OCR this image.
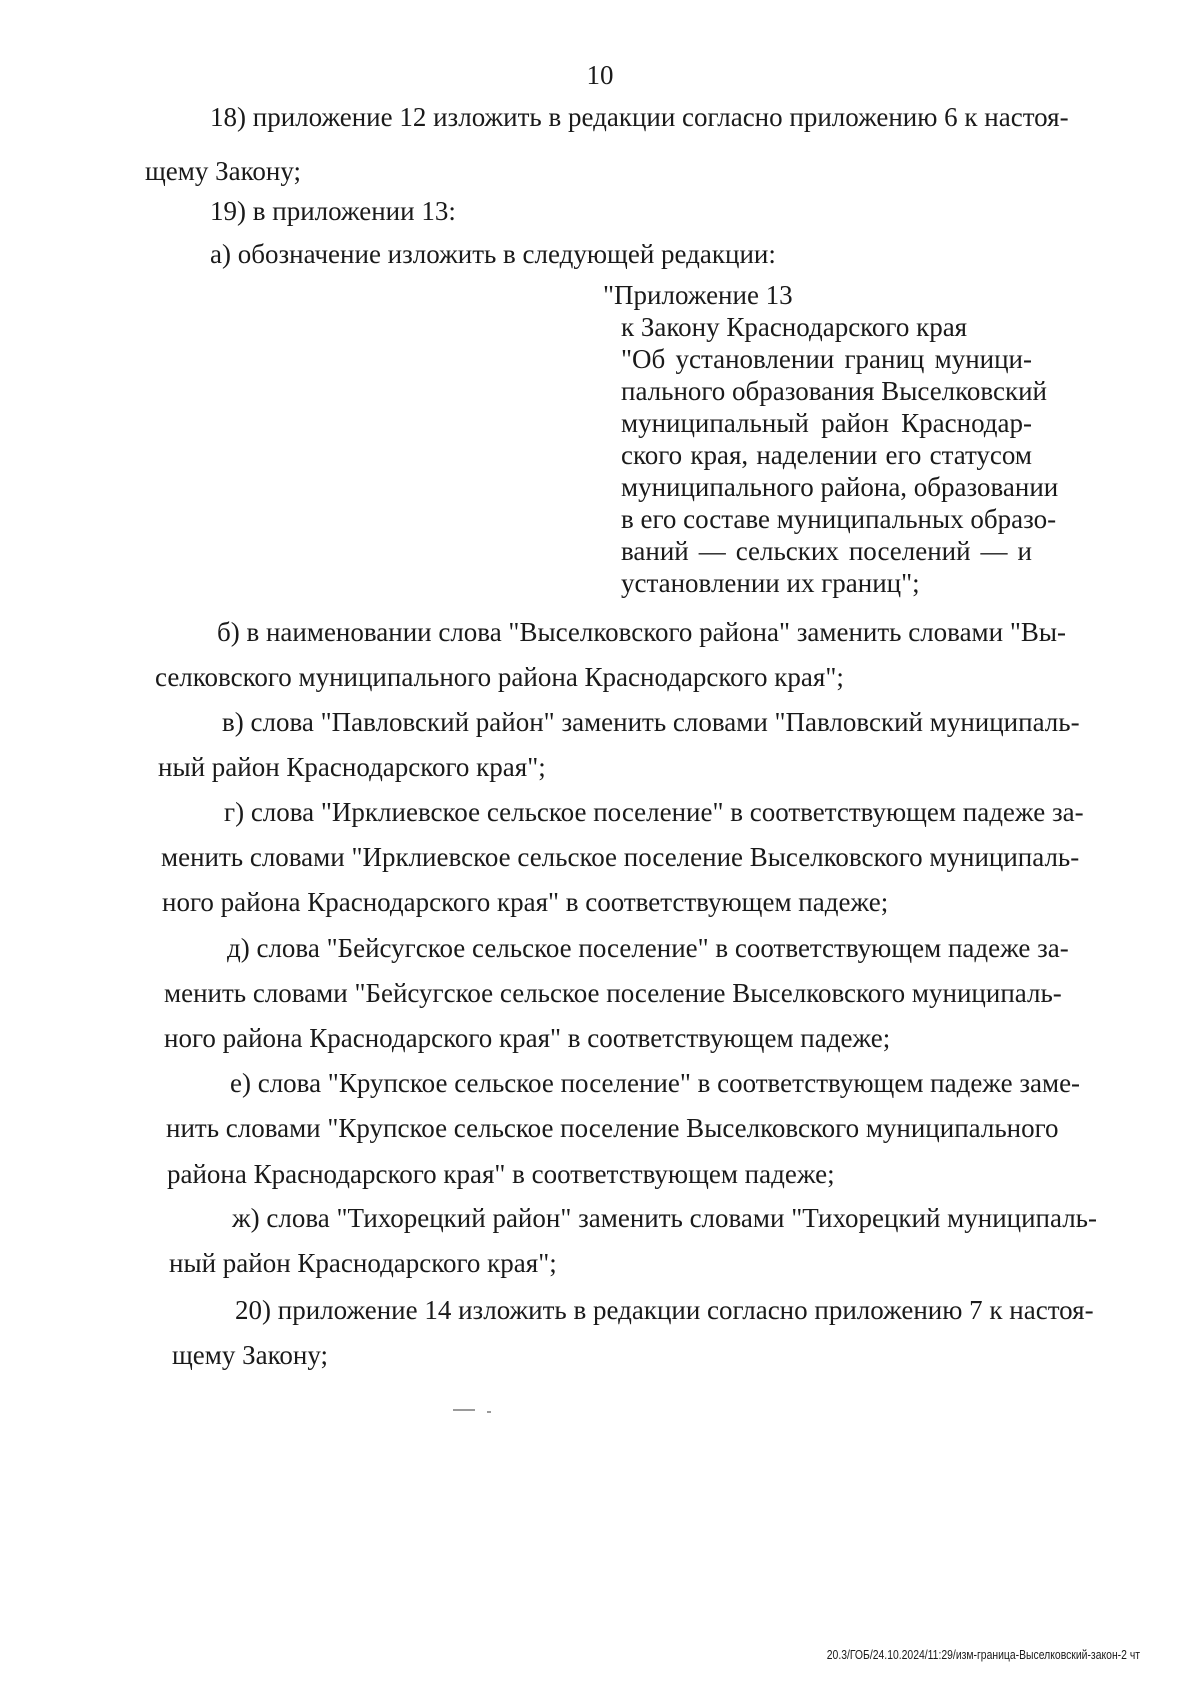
10
18) приложение 12 изложить в редакции согласно приложению 6 к настоя-
щему Закону;
19) в приложении 13:
а) обозначение изложить в следующей редакции:
"Приложение 13
к Закону Краснодарского края
"Об установлении границ муници-
пального образования Выселковский
муниципальный район Краснодар-
ского края, наделении его статусом
муниципального района, образовании
в его составе муниципальных образо-
ваний — сельских поселений — и
установлении их границ";
б) в наименовании слова "Выселковского района" заменить словами "Вы-
селковского муниципального района Краснодарского края";
в) слова "Павловский район" заменить словами "Павловский муниципаль-
ный район Краснодарского края";
г) слова "Ирклиевское сельское поселение" в соответствующем падеже за-
менить словами "Ирклиевское сельское поселение Выселковского муниципаль-
ного района Краснодарского края" в соответствующем падеже;
д) слова "Бейсугское сельское поселение" в соответствующем падеже за-
менить словами "Бейсугское сельское поселение Выселковского муниципаль-
ного района Краснодарского края" в соответствующем падеже;
е) слова "Крупское сельское поселение" в соответствующем падеже заме-
нить словами "Крупское сельское поселение Выселковского муниципального
района Краснодарского края" в соответствующем падеже;
ж) слова "Тихорецкий район" заменить словами "Тихорецкий муниципаль-
ный район Краснодарского края";
20) приложение 14 изложить в редакции согласно приложению 7 к настоя-
щему Закону;
20.3/ГОБ/24.10.2024/11:29/изм-граница-Выселковский-закон-2 чт
